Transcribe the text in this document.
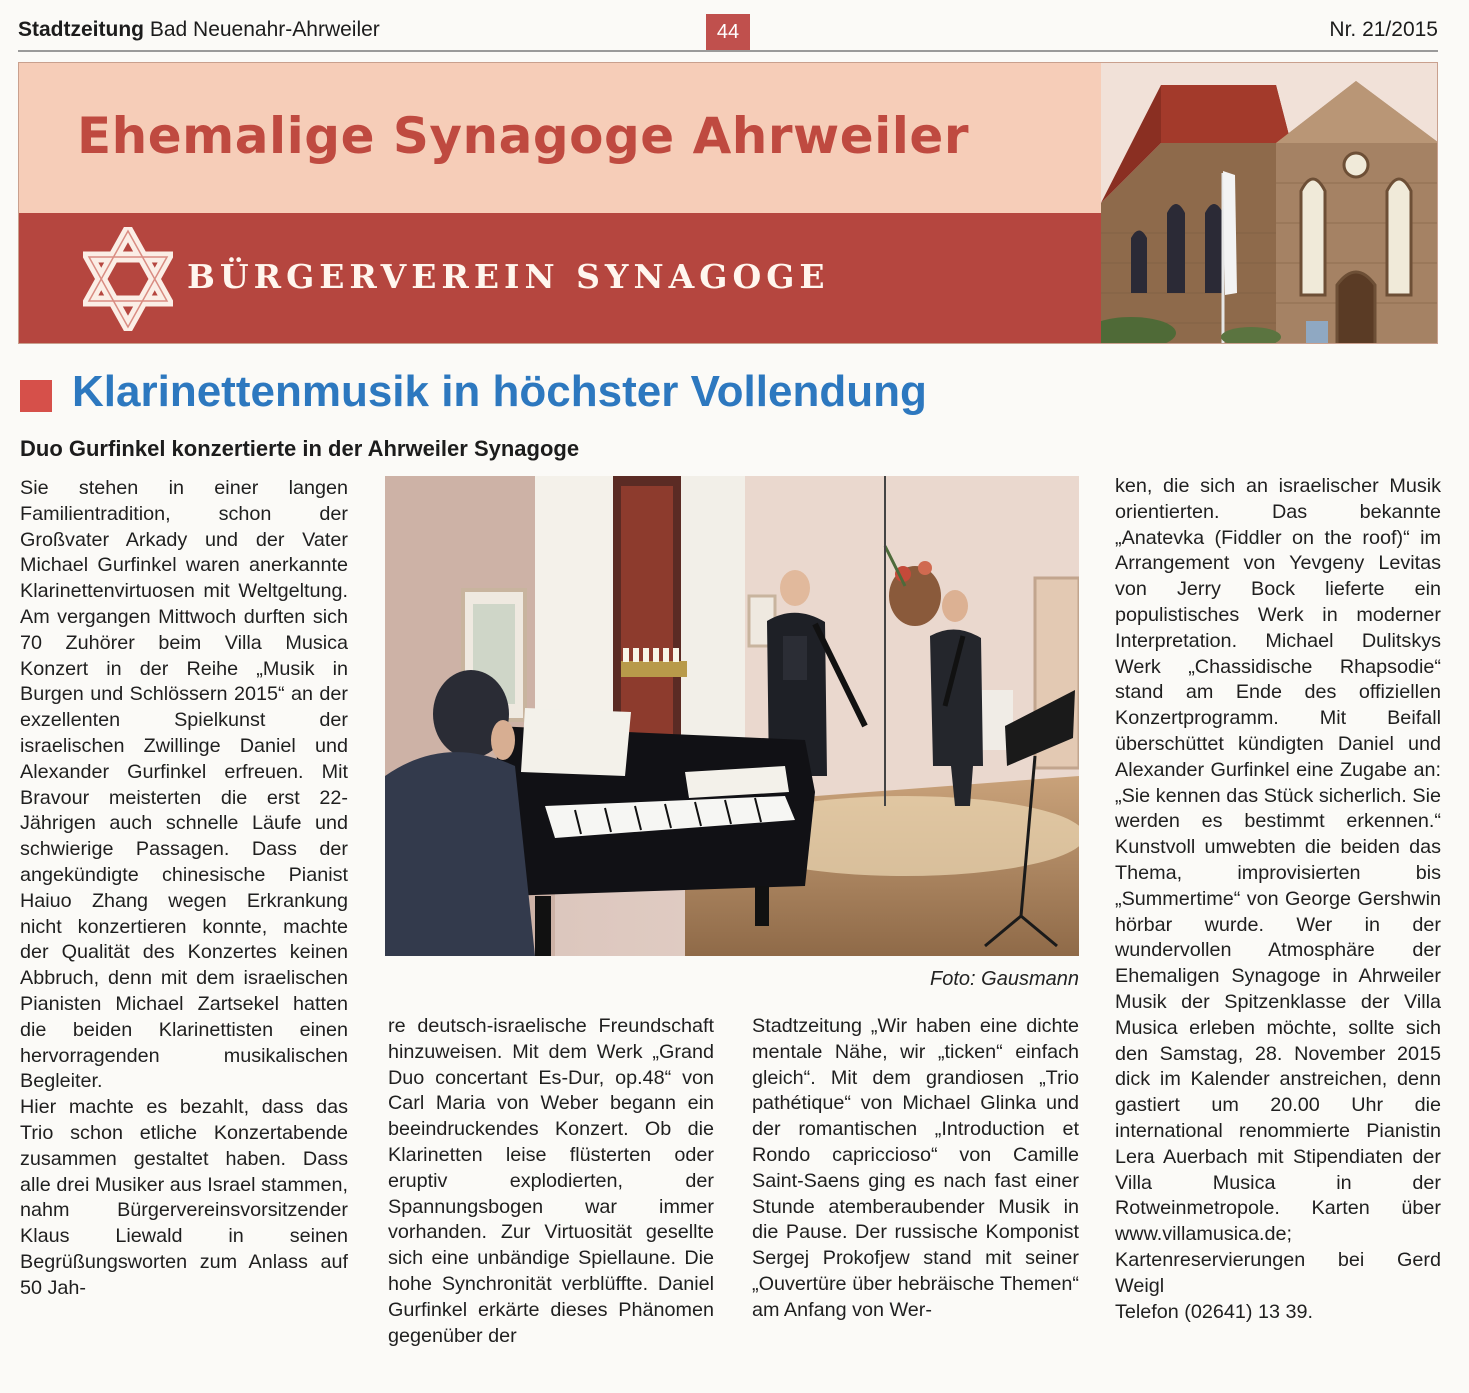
Stadtzeitung Bad Neuenahr-Ahrweiler	44	Nr. 21/2015
Ehemalige Synagoge Ahrweiler
BÜRGERVEREIN SYNAGOGE
Klarinettenmusik in höchster Vollendung
Duo Gurfinkel konzertierte in der Ahrweiler Synagoge

Sie stehen in einer langen Familientradition, schon der Großvater Arkady und der Vater Michael Gurfinkel waren anerkannte Klarinettenvirtuosen mit Weltgeltung. Am vergangen Mittwoch durften sich 70 Zuhörer beim Villa Musica Konzert in der Reihe „Musik in Burgen und Schlössern 2015“ an der exzellenten Spielkunst der israelischen Zwillinge Daniel und Alexander Gurfinkel erfreuen. Mit Bravour meisterten die erst 22-Jährigen auch schnelle Läufe und schwierige Passagen. Dass der angekündigte chinesische Pianist Haiuo Zhang wegen Erkrankung nicht konzertieren konnte, machte der Qualität des Konzertes keinen Abbruch, denn mit dem israelischen Pianisten Michael Zartsekel hatten die beiden Klarinettisten einen hervorragenden musikalischen Begleiter.

Hier machte es bezahlt, dass das Trio schon etliche Konzertabende zusammen gestaltet haben. Dass alle drei Musiker aus Israel stammen, nahm Bürgervereinsvorsitzender Klaus Liewald in seinen Begrüßungsworten zum Anlass auf 50 Jah-

Foto: Gausmann

re deutsch-israelische Freundschaft hinzuweisen. Mit dem Werk „Grand Duo concertant Es-Dur, op.48“ von Carl Maria von Weber begann ein beeindruckendes Konzert. Ob die Klarinetten leise flüsterten oder eruptiv explodierten, der Spannungsbogen war immer vorhanden. Zur Virtuosität gesellte sich eine unbändige Spiellaune. Die hohe Synchronität verblüffte. Daniel Gurfinkel erkärte dieses Phänomen gegenüber der

Stadtzeitung „Wir haben eine dichte mentale Nähe, wir „ticken“ einfach gleich“. Mit dem grandiosen „Trio pathétique“ von Michael Glinka und der romantischen „Introduction et Rondo capriccioso“ von Camille Saint-Saens ging es nach fast einer Stunde atemberaubender Musik in die Pause. Der russische Komponist Sergej Prokofjew stand mit seiner „Ouvertüre über hebräische Themen“ am Anfang von Wer-

ken, die sich an israelischer Musik orientierten. Das bekannte „Anatevka (Fiddler on the roof)“ im Arrangement von Yevgeny Levitas von Jerry Bock lieferte ein populistisches Werk in moderner Interpretation. Michael Dulitskys Werk „Chassidische Rhapsodie“ stand am Ende des offiziellen Konzertprogramm. Mit Beifall überschüttet kündigten Daniel und Alexander Gurfinkel eine Zugabe an: „Sie kennen das Stück sicherlich. Sie werden es bestimmt erkennen.“ Kunstvoll umwebten die beiden das Thema, improvisierten bis „Summertime“ von George Gershwin hörbar wurde. Wer in der wundervollen Atmosphäre der Ehemaligen Synagoge in Ahrweiler Musik der Spitzenklasse der Villa Musica erleben möchte, sollte sich den Samstag, 28. November 2015 dick im Kalender anstreichen, denn gastiert um 20.00 Uhr die international renommierte Pianistin Lera Auerbach mit Stipendiaten der Villa Musica in der Rotweinmetropole. Karten über www.villamusica.de; Kartenreservierungen bei Gerd Weigl

Telefon (02641) 13 39.
